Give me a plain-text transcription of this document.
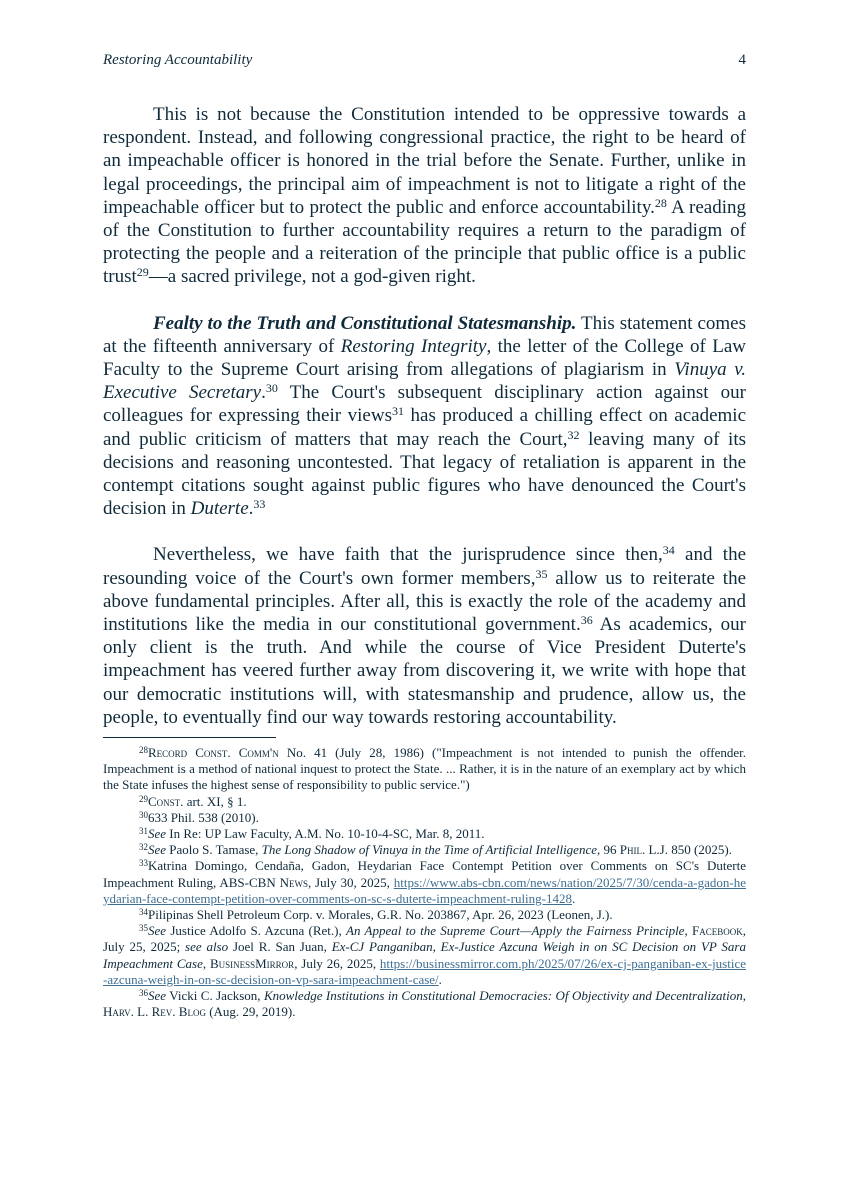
Restoring Accountability	4

This is not because the Constitution intended to be oppressive towards a respondent. Instead, and following congressional practice, the right to be heard of an impeachable officer is honored in the trial before the Senate. Further, unlike in legal proceedings, the principal aim of impeachment is not to litigate a right of the impeachable officer but to protect the public and enforce accountability.$^{28}$ A reading of the Constitution to further accountability requires a return to the paradigm of protecting the people and a reiteration of the principle that public office is a public trust$^{29}$—a sacred privilege, not a god-given right.

Fealty to the Truth and Constitutional Statesmanship. This statement comes at the fifteenth anniversary of Restoring Integrity, the letter of the College of Law Faculty to the Supreme Court arising from allegations of plagiarism in Vinuya v. Executive Secretary.$^{30}$ The Court's subsequent disciplinary action against our colleagues for expressing their views$^{31}$ has produced a chilling effect on academic and public criticism of matters that may reach the Court,$^{32}$ leaving many of its decisions and reasoning uncontested. That legacy of retaliation is apparent in the contempt citations sought against public figures who have denounced the Court's decision in Duterte.$^{33}$

Nevertheless, we have faith that the jurisprudence since then,$^{34}$ and the resounding voice of the Court's own former members,$^{35}$ allow us to reiterate the above fundamental principles. After all, this is exactly the role of the academy and institutions like the media in our constitutional government.$^{36}$ As academics, our only client is the truth. And while the course of Vice President Duterte's impeachment has veered further away from discovering it, we write with hope that our democratic institutions will, with statesmanship and prudence, allow us, the people, to eventually find our way towards restoring accountability.

$^{28}$Record Const. Comm'n No. 41 (July 28, 1986) ("Impeachment is not intended to punish the offender. Impeachment is a method of national inquest to protect the State. ... Rather, it is in the nature of an exemplary act by which the State infuses the highest sense of responsibility to public service.")

$^{29}$Const. art. XI, § 1.

$^{30}$633 Phil. 538 (2010).

$^{31}$See In Re: UP Law Faculty, A.M. No. 10-10-4-SC, Mar. 8, 2011.

$^{32}$See Paolo S. Tamase, The Long Shadow of Vinuya in the Time of Artificial Intelligence, 96 Phil. L.J. 850 (2025).

$^{33}$Katrina Domingo, Cendaña, Gadon, Heydarian Face Contempt Petition over Comments on SC's Duterte Impeachment Ruling, ABS-CBN News, July 30, 2025, https://www.abs-cbn.com/news/nation/2025/7/30/cenda-a-gadon-heydarian-face-contempt-petition-over-comments-on-sc-s-duterte-impeachment-ruling-1428.

$^{34}$Pilipinas Shell Petroleum Corp. v. Morales, G.R. No. 203867, Apr. 26, 2023 (Leonen, J.).

$^{35}$See Justice Adolfo S. Azcuna (Ret.), An Appeal to the Supreme Court—Apply the Fairness Principle, Facebook, July 25, 2025; see also Joel R. San Juan, Ex-CJ Panganiban, Ex-Justice Azcuna Weigh in on SC Decision on VP Sara Impeachment Case, BusinessMirror, July 26, 2025, https://businessmirror.com.ph/2025/07/26/ex-cj-panganiban-ex-justice-azcuna-weigh-in-on-sc-decision-on-vp-sara-impeachment-case/.

$^{36}$See Vicki C. Jackson, Knowledge Institutions in Constitutional Democracies: Of Objectivity and Decentralization, Harv. L. Rev. Blog (Aug. 29, 2019).
